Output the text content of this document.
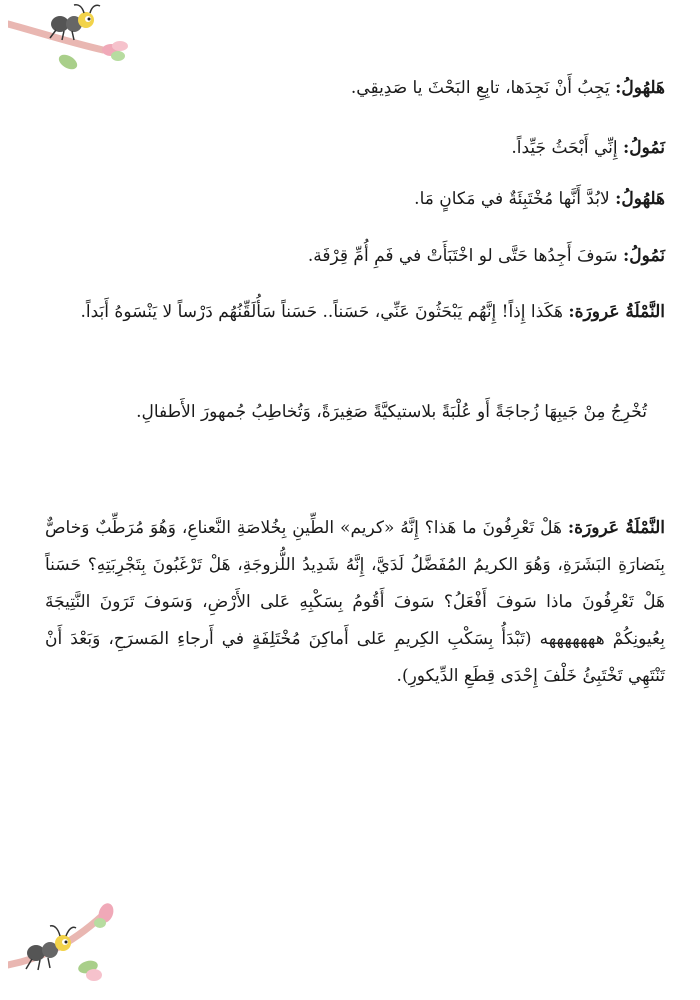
هَلهُولُ: يَجِبُ أَنْ نَجِدَها، تابِعِ البَحْثَ يا صَدِيقِي.
نَمُولُ: إِنِّي أَبْحَثُ جَيِّداً.
هَلهُولُ: لابُدَّ أَنَّها مُخْتَبِئَةٌ في مَكانٍ مَا.
نَمُولُ: سَوفَ أَجِدُها حَتَّى لو اخْتَبَأَتْ في فَمِ أُمِّ قِرْفَة.
النَّمْلَةُ عَرورَة: هَكَذا إِذاً! إِنَّهُم يَبْحَثُونَ عَنِّي، حَسَناً.. حَسَناً سَأُلَقِّنُهُم دَرْساً لا يَنْسَوهُ أَبَداً.
تُخْرِجُ مِنْ جَيبِهَا زُجاجَةً أَو عُلْبَةً بلاستيكيَّةً صَغِيرَةً، وَتُخاطِبُ جُمهورَ الأَطفالِ.
النَّمْلَةُ عَرورَة: هَلْ تَعْرِفُونَ ما هَذا؟ إِنَّهُ «كريم» الطِّينِ بِخُلاصَةِ النَّعناعِ، وَهُوَ مُرَطِّبٌ وَخاصٌّ بِنَضارَةِ البَشَرَةِ، وَهُوَ الكريمُ المُفَضَّلُ لَدَيَّ، إِنَّهُ شَدِيدُ اللُّزوجَةِ، هَلْ تَرْغَبُونَ بِتَجْرِبَتِهِ؟ حَسَناً هَلْ تَعْرِفُونَ ماذا سَوفَ أَفْعَلُ؟ سَوفَ أَقُومُ بِسَكْبِهِ عَلى الأَرْضِ، وَسَوفَ تَرَونَ النَّتِيجَةَ بِعُيونِكُمْ هههههههه (تَبْدَأُ بِسَكْبِ الكِريمِ عَلى أَماكِنَ مُخْتَلِفَةٍ في أَرجاءِ المَسرَحِ، وَبَعْدَ أَنْ تَنْتَهِي تَخْتَبِئُ خَلْفَ إِحْدَى قِطَعِ الدِّيكورِ).
